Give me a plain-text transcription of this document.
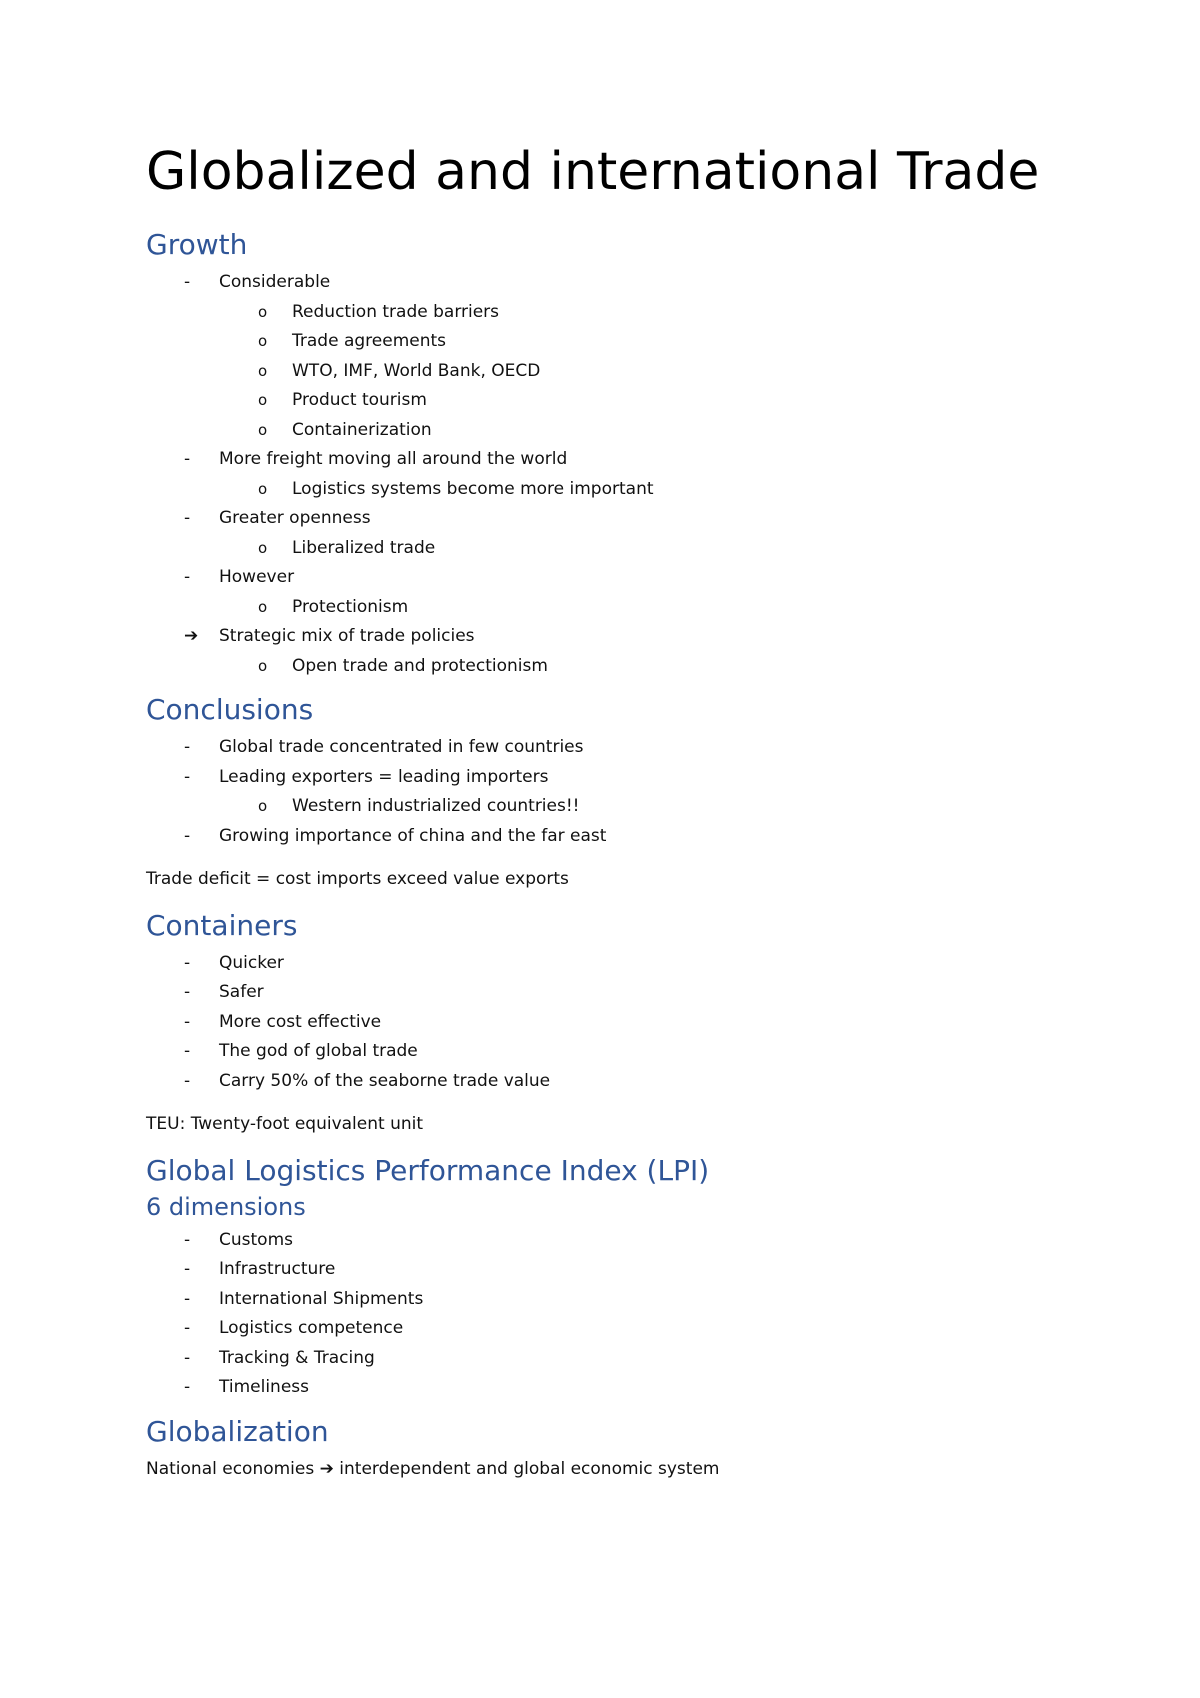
Globalized and international Trade
Growth
- Considerable
o Reduction trade barriers
o Trade agreements
o WTO, IMF, World Bank, OECD
o Product tourism
o Containerization
- More freight moving all around the world
o Logistics systems become more important
- Greater openness
o Liberalized trade
- However
o Protectionism
➔ Strategic mix of trade policies
o Open trade and protectionism
Conclusions
- Global trade concentrated in few countries
- Leading exporters = leading importers
o Western industrialized countries!!
- Growing importance of china and the far east

Trade deficit = cost imports exceed value exports

Containers
- Quicker
- Safer
- More cost effective
- The god of global trade
- Carry 50% of the seaborne trade value

TEU: Twenty-foot equivalent unit

Global Logistics Performance Index (LPI)
6 dimensions
- Customs
- Infrastructure
- International Shipments
- Logistics competence
- Tracking & Tracing
- Timeliness
Globalization

National economies ➔ interdependent and global economic system
